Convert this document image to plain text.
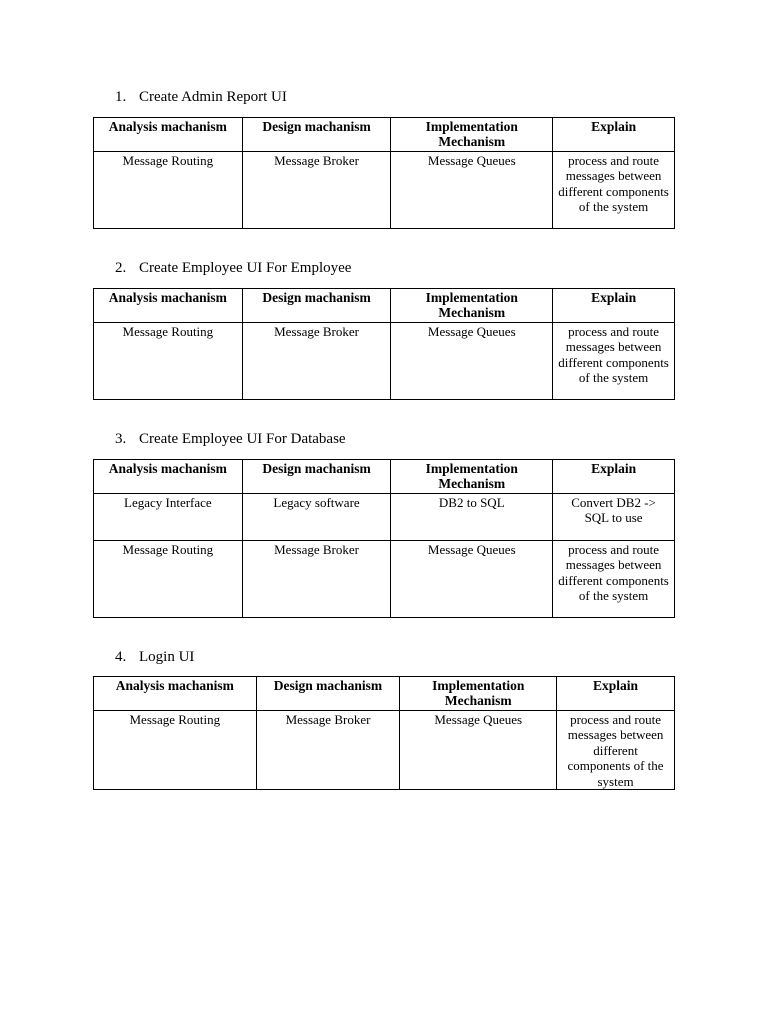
1. Create Admin Report UI
Analysis machanism	Design machanism	Implementation Mechanism	Explain
Message Routing	Message Broker	Message Queues	process and route messages between different components of the system
2. Create Employee UI For Employee
Analysis machanism	Design machanism	Implementation Mechanism	Explain
Message Routing	Message Broker	Message Queues	process and route messages between different components of the system
3. Create Employee UI For Database
Analysis machanism	Design machanism	Implementation Mechanism	Explain
Legacy Interface	Legacy software	DB2 to SQL	Convert DB2 -> SQL to use
Message Routing	Message Broker	Message Queues	process and route messages between different components of the system
4. Login UI
Analysis machanism	Design machanism	Implementation Mechanism	Explain
Message Routing	Message Broker	Message Queues	process and route messages between different components of the system
